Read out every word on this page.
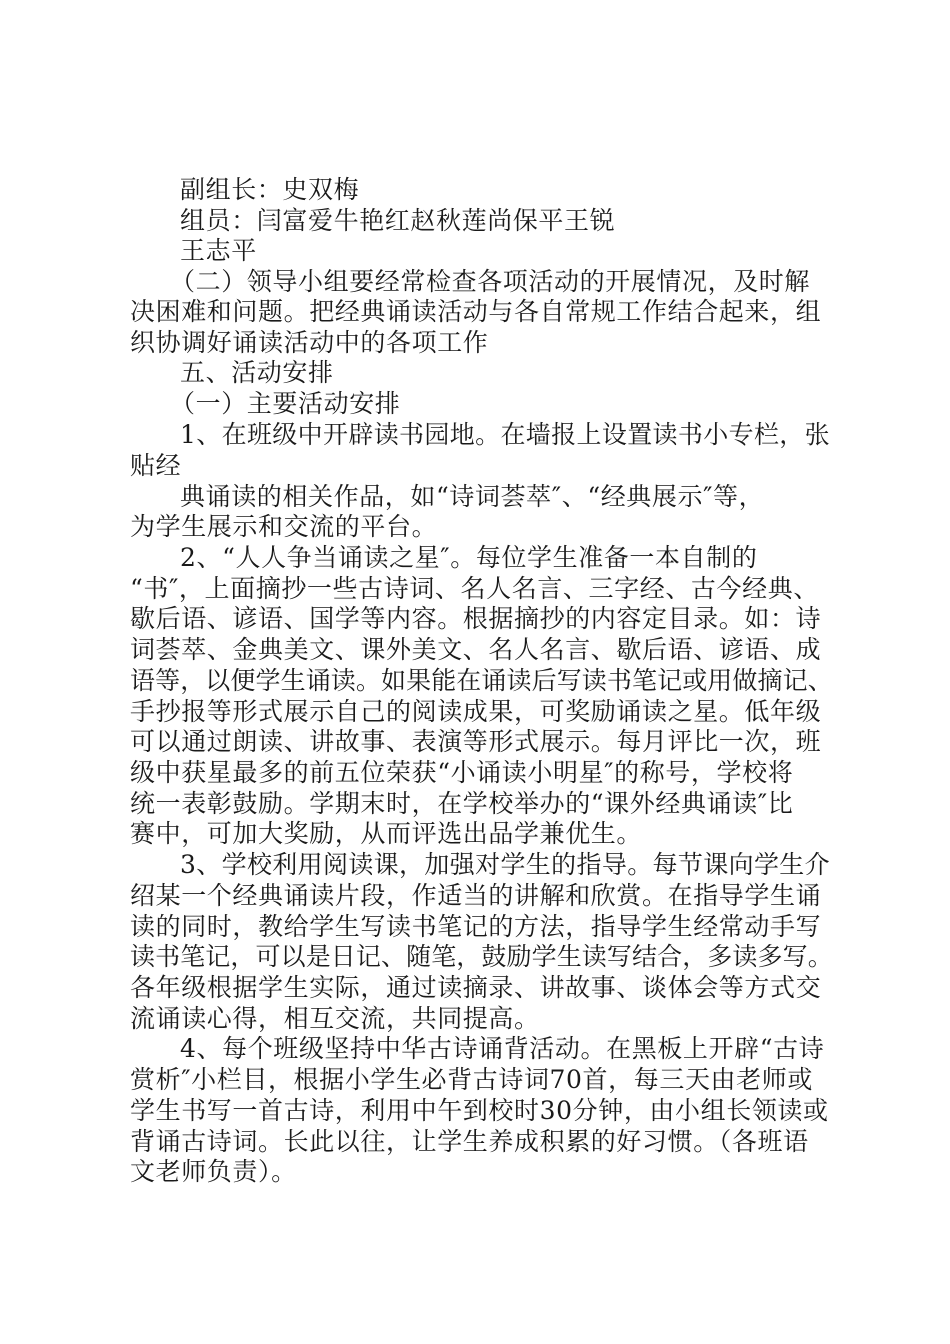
副组长：史双梅
组员：闫富爱牛艳红赵秋莲尚保平王锐
王志平
（二）领导小组要经常检查各项活动的开展情况，及时解
决困难和问题。把经典诵读活动与各自常规工作结合起来，组
织协调好诵读活动中的各项工作
五、活动安排
（一）主要活动安排
1、在班级中开辟读书园地。在墙报上设置读书小专栏，张
贴经
典诵读的相关作品，如“诗词荟萃″、“经典展示″等，
为学生展示和交流的平台。
2、“人人争当诵读之星″。每位学生准备一本自制的
“书″，上面摘抄一些古诗词、名人名言、三字经、古今经典、
歇后语、谚语、国学等内容。根据摘抄的内容定目录。如：诗
词荟萃、金典美文、课外美文、名人名言、歇后语、谚语、成
语等，以便学生诵读。如果能在诵读后写读书笔记或用做摘记、
手抄报等形式展示自己的阅读成果，可奖励诵读之星。低年级
可以通过朗读、讲故事、表演等形式展示。每月评比一次，班
级中获星最多的前五位荣获“小诵读小明星″的称号，学校将
统一表彰鼓励。学期末时，在学校举办的“课外经典诵读″比
赛中，可加大奖励，从而评选出品学兼优生。
3、学校利用阅读课，加强对学生的指导。每节课向学生介
绍某一个经典诵读片段，作适当的讲解和欣赏。在指导学生诵
读的同时，教给学生写读书笔记的方法，指导学生经常动手写
读书笔记，可以是日记、随笔，鼓励学生读写结合，多读多写。
各年级根据学生实际，通过读摘录、讲故事、谈体会等方式交
流诵读心得，相互交流，共同提高。
4、每个班级坚持中华古诗诵背活动。在黑板上开辟“古诗
赏析″小栏目，根据小学生必背古诗词70首，每三天由老师或
学生书写一首古诗，利用中午到校时30分钟，由小组长领读或
背诵古诗词。长此以往，让学生养成积累的好习惯。（各班语
文老师负责）。
